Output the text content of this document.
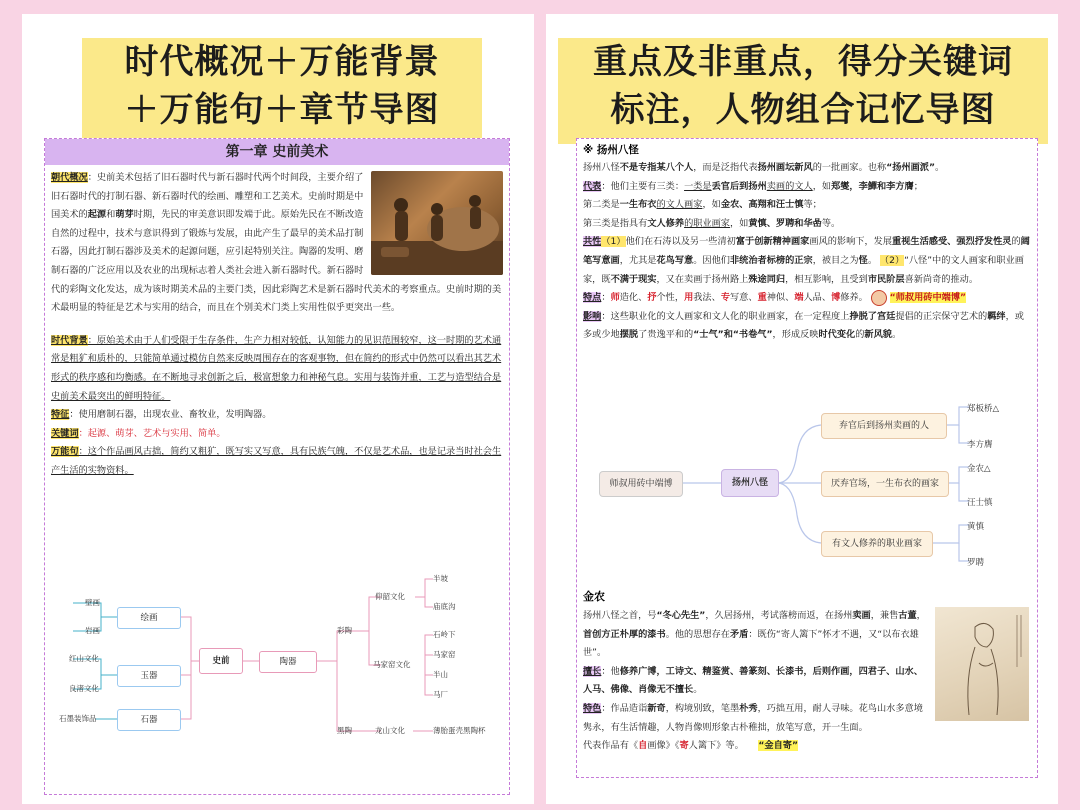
时代概况＋万能背景
＋万能句＋章节导图
第一章 史前美术

朝代概况：史前美术包括了旧石器时代与新石器时代两个时间段，主要介绍了旧石器时代的打制石器、新石器时代的绘画、雕塑和工艺美术。史前时期是中国美术的起源和萌芽时期，先民的审美意识即发端于此。原始先民在不断改造自然的过程中，技术与意识得到了锻炼与发展，由此产生了最早的美术品打制石器，因此打制石器涉及美术的起源问题，应引起特别关注。陶器的发明、磨制石器的广泛应用以及农业的出现标志着人类社会进入新石器时代。新石器时代的彩陶文化发达，成为该时期美术品的主要门类，因此彩陶艺术是新石器时代美术的考察重点。史前时期的美术最明显的特征是艺术与实用的结合，而且在个别美术门类上实用性似乎更突出一些。

时代背景：原始美术由于人们受限于生存条件，生产力相对较低，认知能力的见识范围较窄，这一时期的艺术通常是粗犷和质朴的，只能简单通过模仿自然来反映周围存在的客观事物，但在简约的形式中仍然可以看出其艺术形式的秩序感和均衡感。在不断地寻求创新之后，极富想象力和神秘气息。实用与装饰并重，工艺与造型结合是史前美术最突出的鲜明特征。

特征：使用磨制石器，出现农业、畜牧业，发明陶器。

关键词：起源、萌芽、艺术与实用、简单。

万能句：这个作品画风古拙，简约又粗犷，既写实又写意，具有民族气魄，不仅是艺术品，也是记录当时社会生产生活的实物资料。

壁画
岩画
红山文化
良渚文化
石墨装饰品
绘画
玉器
石器
史前	陶器
彩陶
黑陶
仰韶文化
马家窑文化
龙山文化
半坡
庙底沟
石岭下
马家窑
半山
马厂
薄胎蛋壳黑陶杯
重点及非重点，得分关键词
标注，人物组合记忆导图
※ 扬州八怪

扬州八怪不是专指某八个人，而是泛指代表扬州画坛新风的一批画家。也称“扬州画派”。

代表：他们主要有三类：一类是丢官后到扬州卖画的文人，如郑燮，李鱓和李方膺；

第二类是一生布衣的文人画家，如金农、高翔和汪士慎等；

第三类是指具有文人修养的职业画家，如黄慎、罗聘和华嵒等。

共性（1）他们在石涛以及另一些清初富于创新精神画家画风的影响下，发展重视生活感受、强烈抒发性灵的阔笔写意画，尤其是花鸟写意。因他们非统治者标榜的正宗，被目之为怪。 （2）“八怪”中的文人画家和职业画家，既不满于现实，又在卖画于扬州路上殊途同归，相互影响，且受到市民阶层喜新尚奇的推动。

特点：师造化、抒个性，用我法、专写意、重神似、端人品、博修养。 “师叔用砖中端博”

影响：这些职业化的文人画家和文人化的职业画家，在一定程度上挣脱了宫廷提倡的正宗保守艺术的羁绊，或多或少地摆脱了贵逸平和的“士气”和“书卷气”，形成反映时代变化的新风貌。

师叔用砖中端博	扬州八怪
弃官后到扬州卖画的人
厌弃官场，一生布衣的画家
有文人修养的职业画家
郑板桥△
李方膺
金农△
汪士慎
黄慎
罗聘
金农

扬州八怪之首，号“冬心先生”，久居扬州，考试落榜而返，在扬州卖画，兼售古董，首创方正朴厚的漆书。他的思想存在矛盾：既伤“寄人篱下”怀才不遇，又“以布衣雄世”。

擅长：他修养广博，工诗文、精鉴赏、善篆刻、长漆书，后则作画，四君子、山水、人马、佛像、肖像无不擅长。

特色：作品造诣新奇，构境别致，笔墨朴秀，巧拙互用，耐人寻味。花鸟山水多意境隽永，有生活情趣，人物肖像则形象古朴稚拙，放笔写意，开一生面。

代表作品有《自画像》《寄人篱下》等。 “金自寄”
